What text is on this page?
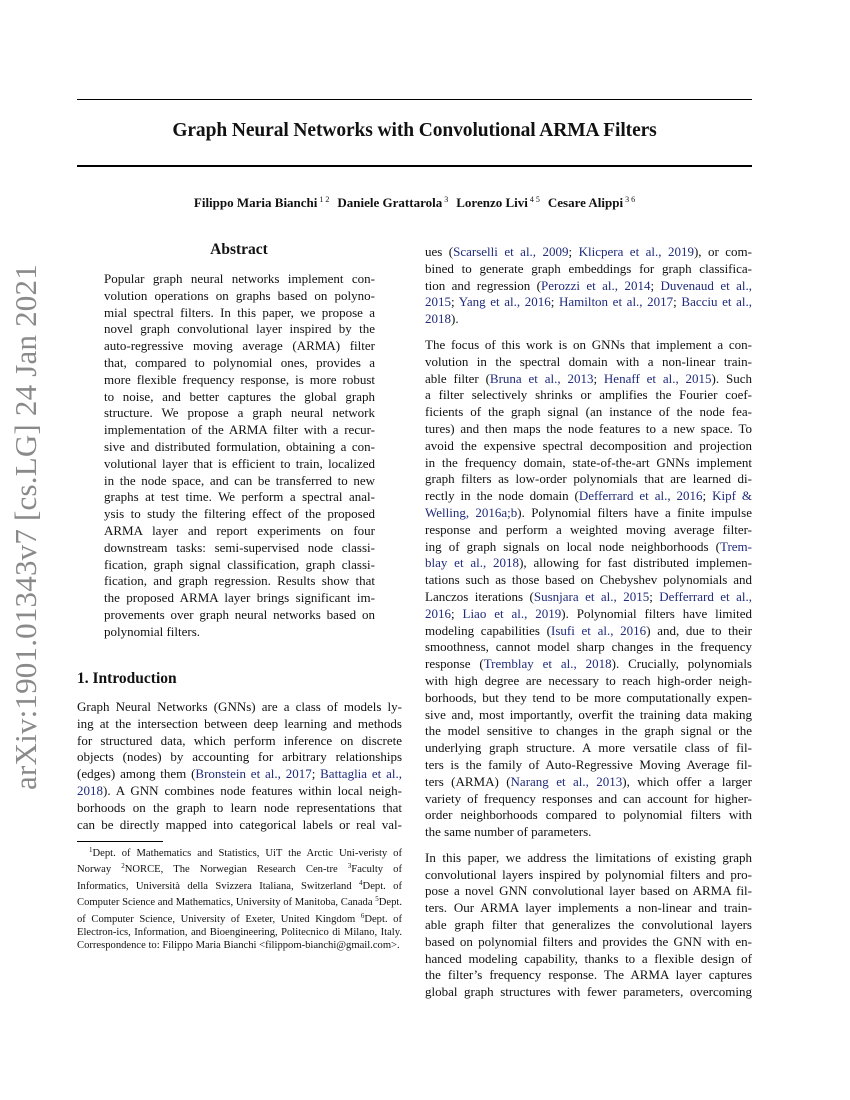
Graph Neural Networks with Convolutional ARMA Filters
Filippo Maria Bianchi $^{1 2}$ Daniele Grattarola $^3$ Lorenzo Livi $^{4 5}$ Cesare Alippi $^{3 6}$
arXiv:1901.01343v7 [cs.LG] 24 Jan 2021
Abstract
Popular graph neural networks implement con-
volution operations on graphs based on polyno-
mial spectral filters. In this paper, we propose a
novel graph convolutional layer inspired by the
auto-regressive moving average (ARMA) filter
that, compared to polynomial ones, provides a
more flexible frequency response, is more robust
to noise, and better captures the global graph
structure. We propose a graph neural network
implementation of the ARMA filter with a recur-
sive and distributed formulation, obtaining a con-
volutional layer that is efficient to train, localized
in the node space, and can be transferred to new
graphs at test time. We perform a spectral anal-
ysis to study the filtering effect of the proposed
ARMA layer and report experiments on four
downstream tasks: semi-supervised node classi-
fication, graph signal classification, graph classi-
fication, and graph regression. Results show that
the proposed ARMA layer brings significant im-
provements over graph neural networks based on
polynomial filters.
1. Introduction
Graph Neural Networks (GNNs) are a class of models ly-
ing at the intersection between deep learning and methods
for structured data, which perform inference on discrete
objects (nodes) by accounting for arbitrary relationships
(edges) among them (Bronstein et al., 2017; Battaglia et al.,
2018). A GNN combines node features within local neigh-
borhoods on the graph to learn node representations that
can be directly mapped into categorical labels or real val-
$^1$Dept. of Mathematics and Statistics, UiT the Arctic Uni-veristy of Norway $^2$NORCE, The Norwegian Research Cen-tre $^3$Faculty of Informatics, Università della Svizzera Italiana, Switzerland $^4$Dept. of Computer Science and Mathematics, University of Manitoba, Canada $^5$Dept. of Computer Science, University of Exeter, United Kingdom $^6$Dept. of Electron-ics, Information, and Bioengineering, Politecnico di Milano, Italy. Correspondence to: Filippo Maria Bianchi <filippom-bianchi@gmail.com>.

ues (Scarselli et al., 2009; Klicpera et al., 2019), or com-
bined to generate graph embeddings for graph classifica-
tion and regression (Perozzi et al., 2014; Duvenaud et al.,
2015; Yang et al., 2016; Hamilton et al., 2017; Bacciu et al.,
2018).

The focus of this work is on GNNs that implement a con-
volution in the spectral domain with a non-linear train-
able filter (Bruna et al., 2013; Henaff et al., 2015). Such
a filter selectively shrinks or amplifies the Fourier coef-
ficients of the graph signal (an instance of the node fea-
tures) and then maps the node features to a new space. To
avoid the expensive spectral decomposition and projection
in the frequency domain, state-of-the-art GNNs implement
graph filters as low-order polynomials that are learned di-
rectly in the node domain (Defferrard et al., 2016; Kipf &
Welling, 2016a;b). Polynomial filters have a finite impulse
response and perform a weighted moving average filter-
ing of graph signals on local node neighborhoods (Trem-
blay et al., 2018), allowing for fast distributed implemen-
tations such as those based on Chebyshev polynomials and
Lanczos iterations (Susnjara et al., 2015; Defferrard et al.,
2016; Liao et al., 2019). Polynomial filters have limited
modeling capabilities (Isufi et al., 2016) and, due to their
smoothness, cannot model sharp changes in the frequency
response (Tremblay et al., 2018). Crucially, polynomials
with high degree are necessary to reach high-order neigh-
borhoods, but they tend to be more computationally expen-
sive and, most importantly, overfit the training data making
the model sensitive to changes in the graph signal or the
underlying graph structure. A more versatile class of fil-
ters is the family of Auto-Regressive Moving Average fil-
ters (ARMA) (Narang et al., 2013), which offer a larger
variety of frequency responses and can account for higher-
order neighborhoods compared to polynomial filters with
the same number of parameters.

In this paper, we address the limitations of existing graph
convolutional layers inspired by polynomial filters and pro-
pose a novel GNN convolutional layer based on ARMA fil-
ters. Our ARMA layer implements a non-linear and train-
able graph filter that generalizes the convolutional layers
based on polynomial filters and provides the GNN with en-
hanced modeling capability, thanks to a flexible design of
the filter’s frequency response. The ARMA layer captures
global graph structures with fewer parameters, overcoming
